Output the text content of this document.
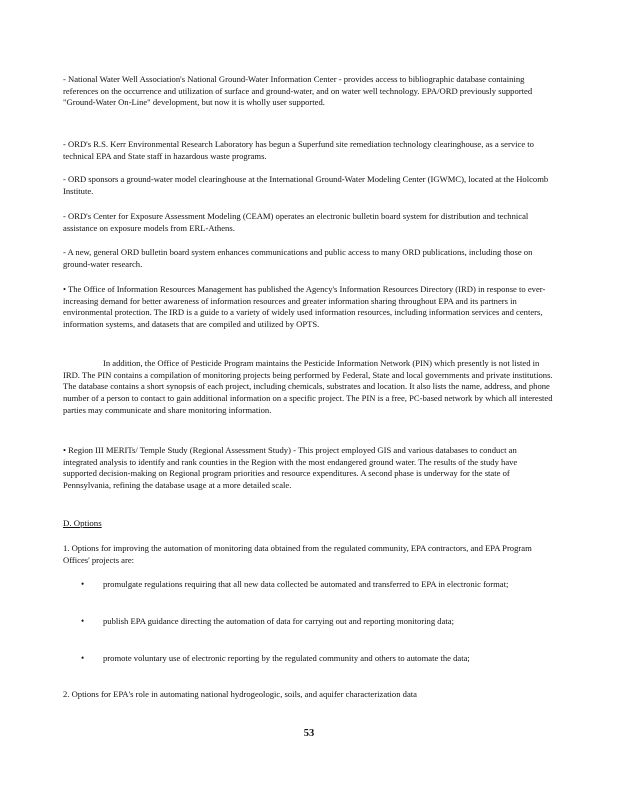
- National Water Well Association's National Ground-Water Information Center - provides access to bibliographic database containing references on the occurrence and utilization of surface and ground-water, and on water well technology. EPA/ORD previously supported "Ground-Water On-Line" development, but now it is wholly user supported.

- ORD's R.S. Kerr Environmental Research Laboratory has begun a Superfund site remediation technology clearinghouse, as a service to technical EPA and State staff in hazardous waste programs.

- ORD sponsors a ground-water model clearinghouse at the International Ground-Water Modeling Center (IGWMC), located at the Holcomb Institute.

- ORD's Center for Exposure Assessment Modeling (CEAM) operates an electronic bulletin board system for distribution and technical assistance on exposure models from ERL-Athens.

- A new, general ORD bulletin board system enhances communications and public access to many ORD publications, including those on ground-water research.

• The Office of Information Resources Management has published the Agency's Information Resources Directory (IRD) in response to ever-increasing demand for better awareness of information resources and greater information sharing throughout EPA and its partners in environmental protection. The IRD is a guide to a variety of widely used information resources, including information services and centers, information systems, and datasets that are compiled and utilized by OPTS.

In addition, the Office of Pesticide Program maintains the Pesticide Information Network (PIN) which presently is not listed in IRD. The PIN contains a compilation of monitoring projects being performed by Federal, State and local governments and private institutions. The database contains a short synopsis of each project, including chemicals, substrates and location. It also lists the name, address, and phone number of a person to contact to gain additional information on a specific project. The PIN is a free, PC-based network by which all interested parties may communicate and share monitoring information.

• Region III MERITs/ Temple Study (Regional Assessment Study) - This project employed GIS and various databases to conduct an integrated analysis to identify and rank counties in the Region with the most endangered ground water. The results of the study have supported decision-making on Regional program priorities and resource expenditures. A second phase is underway for the state of Pennsylvania, refining the database usage at a more detailed scale.

D. Options

1. Options for improving the automation of monitoring data obtained from the regulated community, EPA contractors, and EPA Program Offices' projects are:

• promulgate regulations requiring that all new data collected be automated and transferred to EPA in electronic format;
• publish EPA guidance directing the automation of data for carrying out and reporting monitoring data;
• promote voluntary use of electronic reporting by the regulated community and others to automate the data;

2. Options for EPA's role in automating national hydrogeologic, soils, and aquifer characterization data

53
